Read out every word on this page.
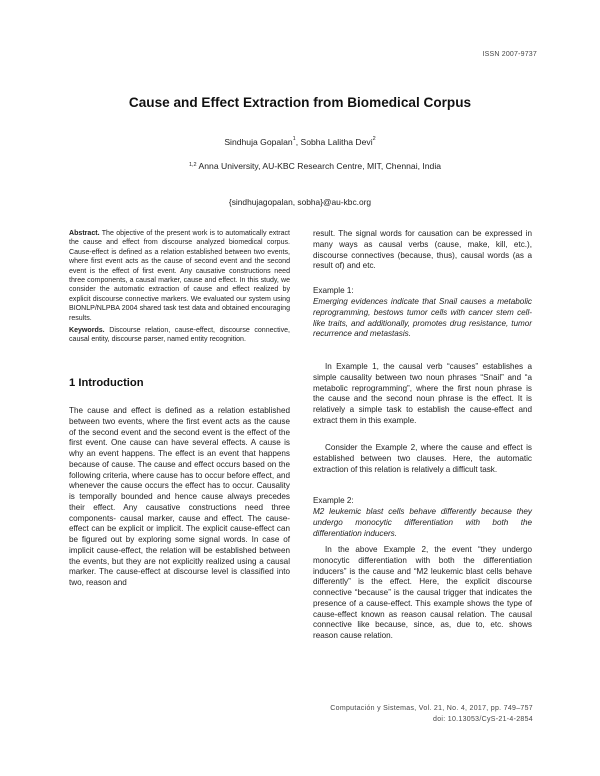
ISSN 2007-9737
Cause and Effect Extraction from Biomedical Corpus
Sindhuja Gopalan$^1$, Sobha Lalitha Devi$^2$
$^{1,2}$ Anna University, AU-KBC Research Centre, MIT, Chennai, India
{sindhujagopalan, sobha}@au-kbc.org
Abstract. The objective of the present work is to automatically extract the cause and effect from discourse analyzed biomedical corpus. Cause-effect is defined as a relation established between two events, where first event acts as the cause of second event and the second event is the effect of first event. Any causative constructions need three components, a causal marker, cause and effect. In this study, we consider the automatic extraction of cause and effect realized by explicit discourse connective markers. We evaluated our system using BIONLP/NLPBA 2004 shared task test data and obtained encouraging results.
Keywords. Discourse relation, cause-effect, discourse connective, causal entity, discourse parser, named entity recognition.
1 Introduction
The cause and effect is defined as a relation established between two events, where the first event acts as the cause of the second event and the second event is the effect of the first event. One cause can have several effects. A cause is why an event happens. The effect is an event that happens because of cause. The cause and effect occurs based on the following criteria, where cause has to occur before effect, and whenever the cause occurs the effect has to occur. Causality is temporally bounded and hence cause always precedes their effect. Any causative constructions need three components- causal marker, cause and effect. The cause-effect can be explicit or implicit. The explicit cause-effect can be figured out by exploring some signal words. In case of implicit cause-effect, the relation will be established between the events, but they are not explicitly realized using a causal marker. The cause-effect at discourse level is classified into two, reason and
result. The signal words for causation can be expressed in many ways as causal verbs (cause, make, kill, etc.), discourse connectives (because, thus), causal words (as a result of) and etc.
Example 1:
Emerging evidences indicate that Snail causes a metabolic reprogramming, bestows tumor cells with cancer stem cell-like traits, and additionally, promotes drug resistance, tumor recurrence and metastasis.
In Example 1, the causal verb “causes” establishes a simple causality between two noun phrases “Snail” and “a metabolic reprogramming”, where the first noun phrase is the cause and the second noun phrase is the effect. It is relatively a simple task to establish the cause-effect and extract them in this example.
Consider the Example 2, where the cause and effect is established between two clauses. Here, the automatic extraction of this relation is relatively a difficult task.
Example 2:
M2 leukemic blast cells behave differently because they undergo monocytic differentiation with both the differentiation inducers.
In the above Example 2, the event “they undergo monocytic differentiation with both the differentiation inducers” is the cause and “M2 leukemic blast cells behave differently” is the effect. Here, the explicit discourse connective “because” is the causal trigger that indicates the presence of a cause-effect. This example shows the type of cause-effect known as reason causal relation. The causal connective like because, since, as, due to, etc. shows reason cause relation.
Computación y Sistemas, Vol. 21, No. 4, 2017, pp. 749–757
doi: 10.13053/CyS-21-4-2854
